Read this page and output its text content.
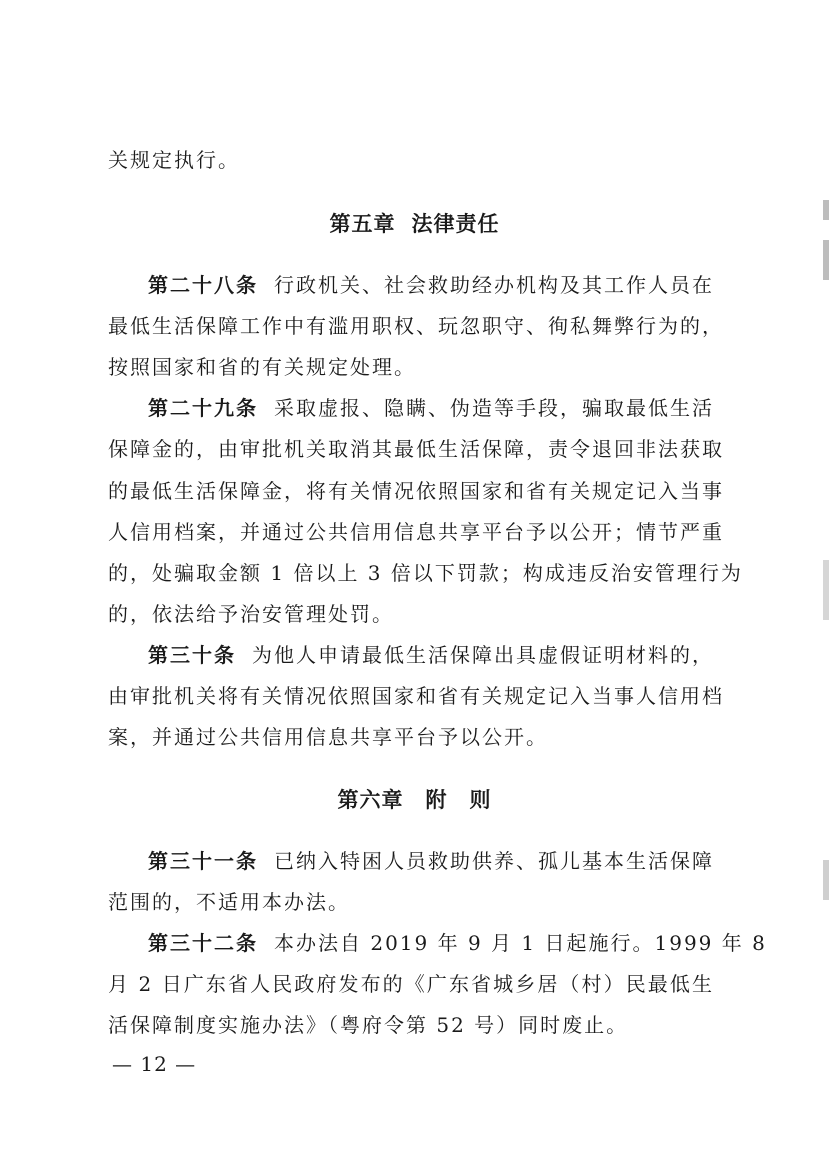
关规定执行。
第五章 法律责任
第二十八条 行政机关、社会救助经办机构及其工作人员在
最低生活保障工作中有滥用职权、玩忽职守、徇私舞弊行为的，
按照国家和省的有关规定处理。
第二十九条 采取虚报、隐瞒、伪造等手段，骗取最低生活
保障金的，由审批机关取消其最低生活保障，责令退回非法获取
的最低生活保障金，将有关情况依照国家和省有关规定记入当事
人信用档案，并通过公共信用信息共享平台予以公开；情节严重
的，处骗取金额 1 倍以上 3 倍以下罚款；构成违反治安管理行为
的，依法给予治安管理处罚。
第三十条 为他人申请最低生活保障出具虚假证明材料的，
由审批机关将有关情况依照国家和省有关规定记入当事人信用档
案，并通过公共信用信息共享平台予以公开。
第六章 附 则
第三十一条 已纳入特困人员救助供养、孤儿基本生活保障
范围的，不适用本办法。
第三十二条 本办法自 2019 年 9 月 1 日起施行。1999 年 8
月 2 日广东省人民政府发布的《广东省城乡居（村）民最低生
活保障制度实施办法》（粤府令第 52 号）同时废止。
— 12 —
